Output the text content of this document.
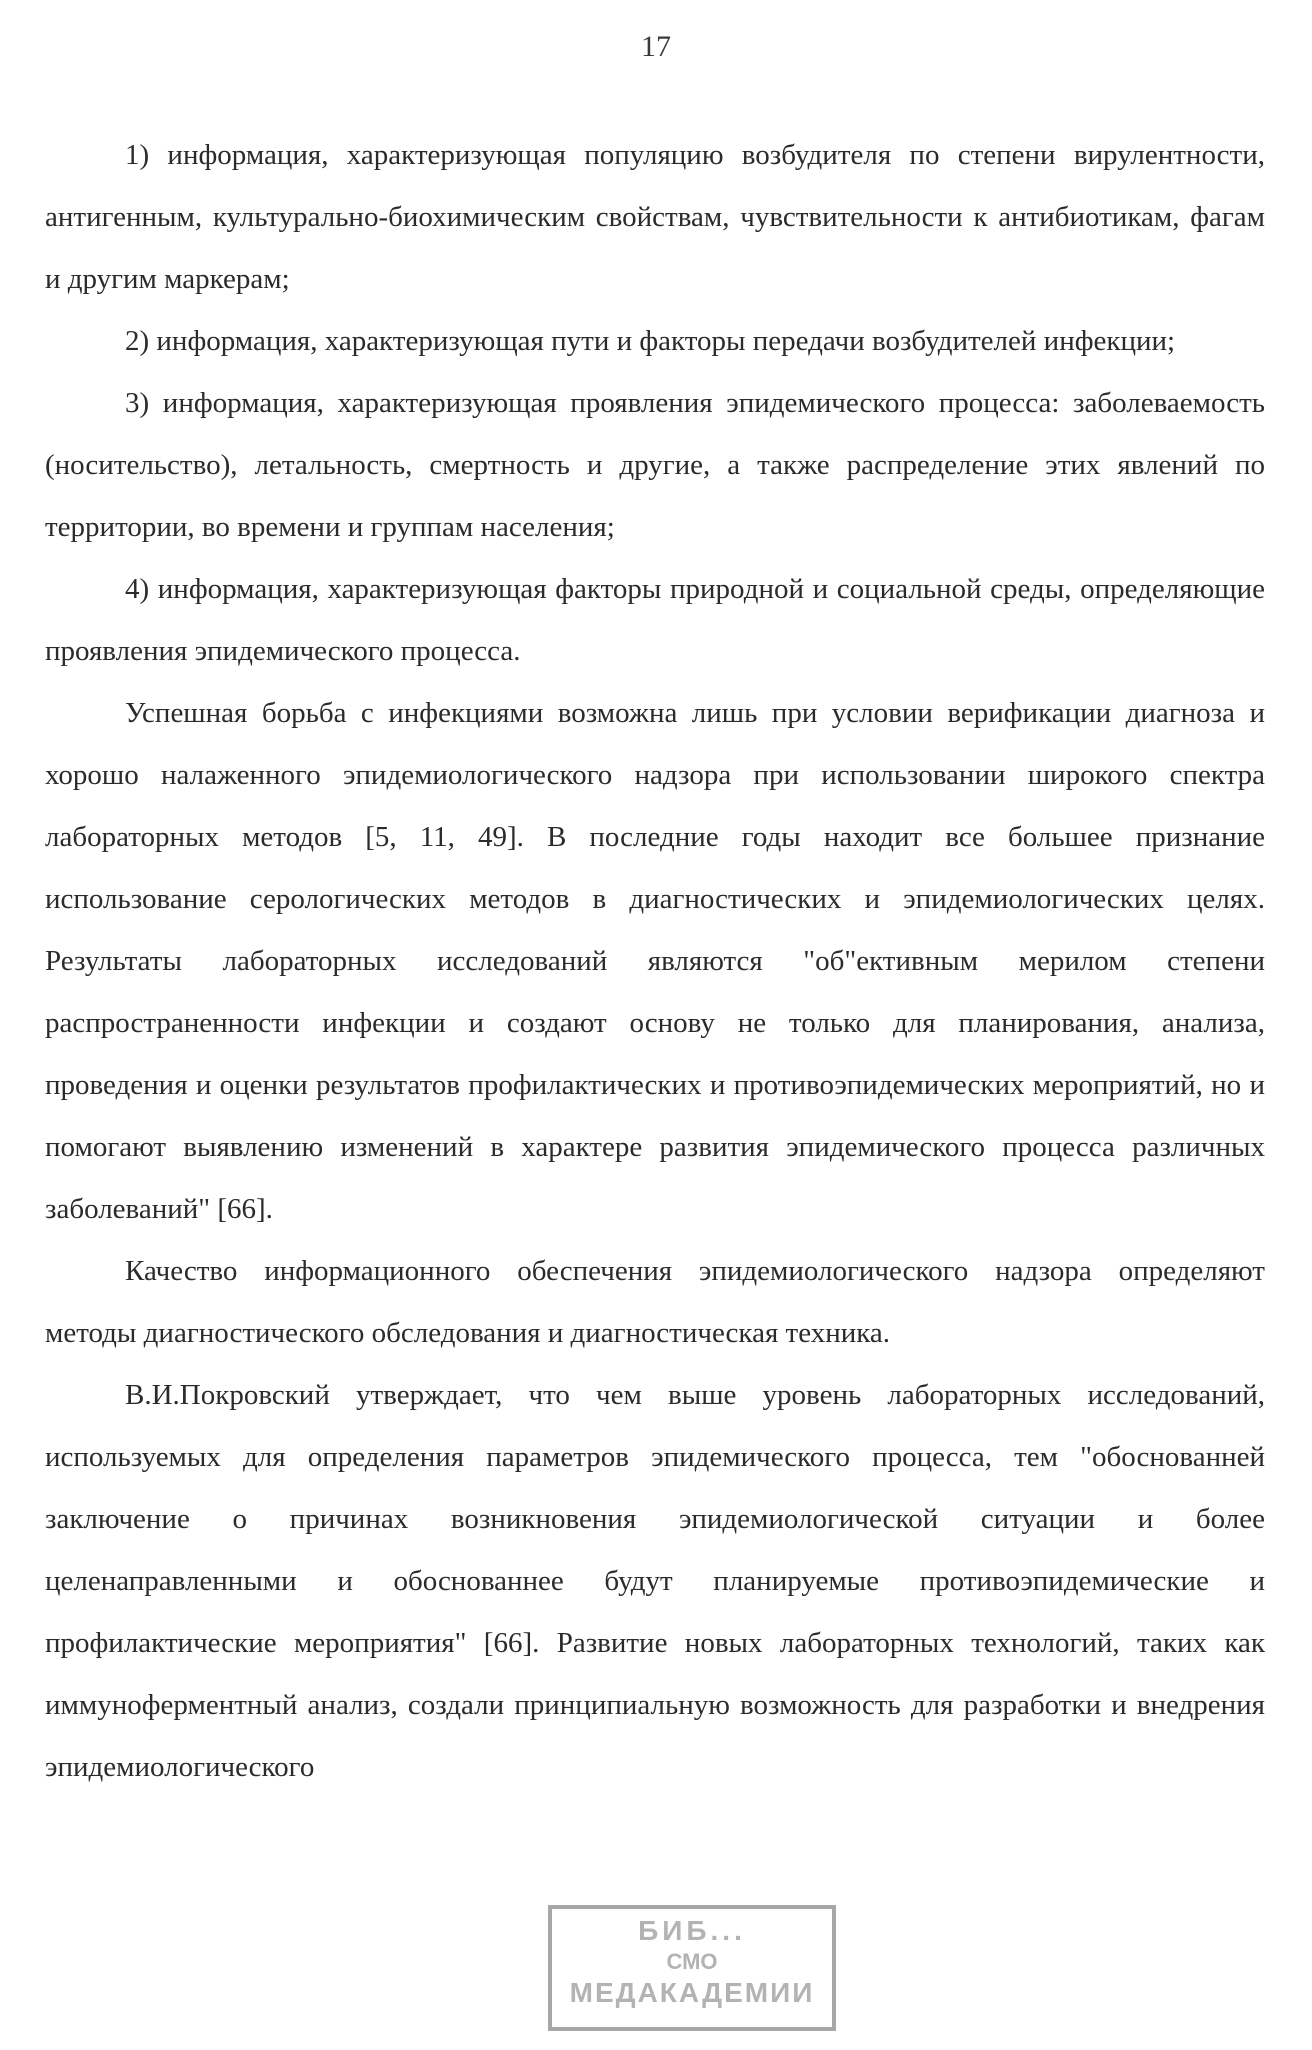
17

1) информация, характеризующая популяцию возбудителя по степени вирулентности, антигенным, культурально-биохимическим свойствам, чувствительности к антибиотикам, фагам и другим маркерам;

2) информация, характеризующая пути и факторы передачи возбудителей инфекции;

3) информация, характеризующая проявления эпидемического процесса: заболеваемость (носительство), летальность, смертность и другие, а также распределение этих явлений по территории, во времени и группам населения;

4) информация, характеризующая факторы природной и социальной среды, определяющие проявления эпидемического процесса.

Успешная борьба с инфекциями возможна лишь при условии верификации диагноза и хорошо налаженного эпидемиологического надзора при использовании широкого спектра лабораторных методов [5, 11, 49]. В последние годы находит все большее признание использование серологических методов в диагностических и эпидемиологических целях. Результаты лабораторных исследований являются "об"ективным мерилом степени распространенности инфекции и создают основу не только для планирования, анализа, проведения и оценки результатов профилактических и противоэпидемических мероприятий, но и помогают выявлению изменений в характере развития эпидемического процесса различных заболеваний" [66].

Качество информационного обеспечения эпидемиологического надзора определяют методы диагностического обследования и диагностическая техника.

В.И.Покровский утверждает, что чем выше уровень лабораторных исследований, используемых для определения параметров эпидемического процесса, тем "обоснованней заключение о причинах возникновения эпидемиологической ситуации и более целенаправленными и обоснованнее будут планируемые противоэпидемические и профилактические мероприятия" [66]. Развитие новых лабораторных технологий, таких как иммуноферментный анализ, создали принципиальную возможность для разработки и внедрения эпидемиологического

БИБ...
СМО
МЕДАКАДЕМИИ
